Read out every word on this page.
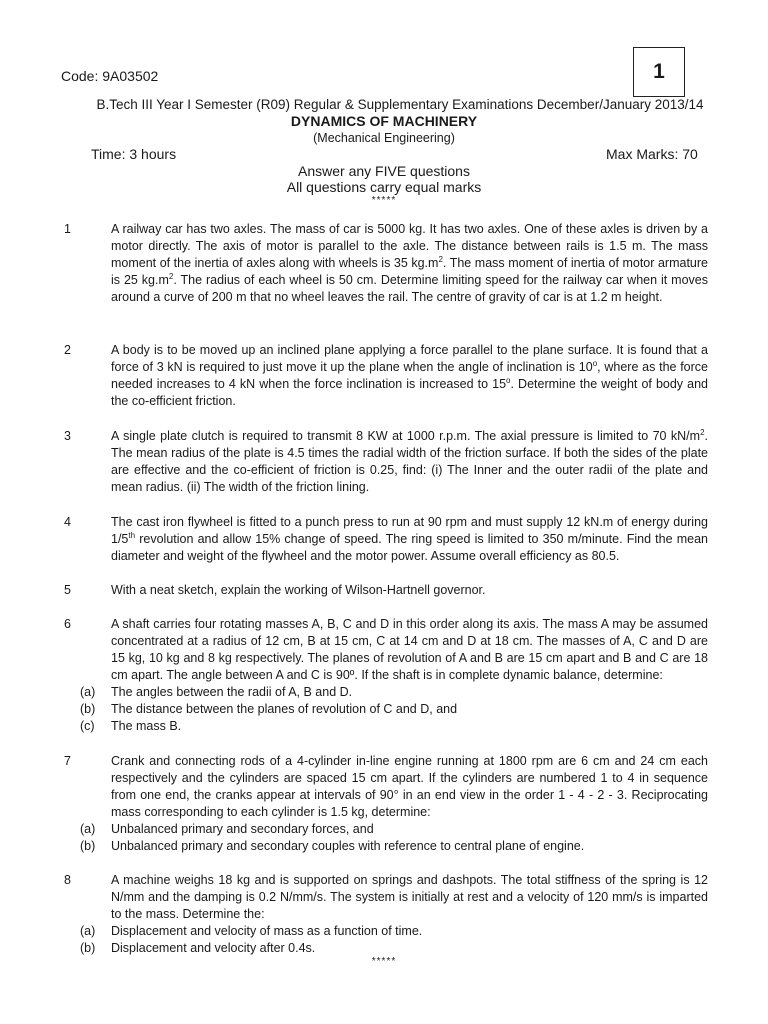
Code: 9A03502	1
B.Tech III Year I Semester (R09) Regular & Supplementary Examinations December/January 2013/14
DYNAMICS OF MACHINERY
(Mechanical Engineering)
Time: 3 hours	Max Marks: 70
Answer any FIVE questions
All questions carry equal marks
*****
1	A railway car has two axles. The mass of car is 5000 kg. It has two axles. One of these axles is driven by a motor directly. The axis of motor is parallel to the axle. The distance between rails is 1.5 m. The mass moment of the inertia of axles along with wheels is 35 $kg.m^2$. The mass moment of inertia of motor armature is 25 $kg.m^2$. The radius of each wheel is 50 cm. Determine limiting speed for the railway car when it moves around a curve of 200 m that no wheel leaves the rail. The centre of gravity of car is at 1.2 m height.
2	A body is to be moved up an inclined plane applying a force parallel to the plane surface. It is found that a force of 3 kN is required to just move it up the plane when the angle of inclination is 10$^o$, where as the force needed increases to 4 kN when the force inclination is increased to 15$^o$. Determine the weight of body and the co-efficient friction.
3	A single plate clutch is required to transmit 8 KW at 1000 r.p.m. The axial pressure is limited to 70 $kN/m^2$. The mean radius of the plate is 4.5 times the radial width of the friction surface. If both the sides of the plate are effective and the co-efficient of friction is 0.25, find: (i) The Inner and the outer radii of the plate and mean radius. (ii) The width of the friction lining.
4	The cast iron flywheel is fitted to a punch press to run at 90 rpm and must supply 12 kN.m of energy during 1/5th revolution and allow 15% change of speed. The ring speed is limited to 350 m/minute. Find the mean diameter and weight of the flywheel and the motor power. Assume overall efficiency as 80.5.
5	With a neat sketch, explain the working of Wilson-Hartnell governor.
6	A shaft carries four rotating masses A, B, C and D in this order along its axis. The mass A may be assumed concentrated at a radius of 12 cm, B at 15 cm, C at 14 cm and D at 18 cm. The masses of A, C and D are 15 kg, 10 kg and 8 kg respectively. The planes of revolution of A and B are 15 cm apart and B and C are 18 cm apart. The angle between A and C is 90º. If the shaft is in complete dynamic balance, determine:
(a) The angles between the radii of A, B and D.
(b) The distance between the planes of revolution of C and D, and
(c) The mass B.
7	Crank and connecting rods of a 4-cylinder in-line engine running at 1800 rpm are 6 cm and 24 cm each respectively and the cylinders are spaced 15 cm apart. If the cylinders are numbered 1 to 4 in sequence from one end, the cranks appear at intervals of 90° in an end view in the order 1 - 4 - 2 - 3. Reciprocating mass corresponding to each cylinder is 1.5 kg, determine:
(a) Unbalanced primary and secondary forces, and
(b) Unbalanced primary and secondary couples with reference to central plane of engine.
8	A machine weighs 18 kg and is supported on springs and dashpots. The total stiffness of the spring is 12 N/mm and the damping is 0.2 N/mm/s. The system is initially at rest and a velocity of 120 mm/s is imparted to the mass. Determine the:
(a) Displacement and velocity of mass as a function of time.
(b) Displacement and velocity after 0.4s.
*****
